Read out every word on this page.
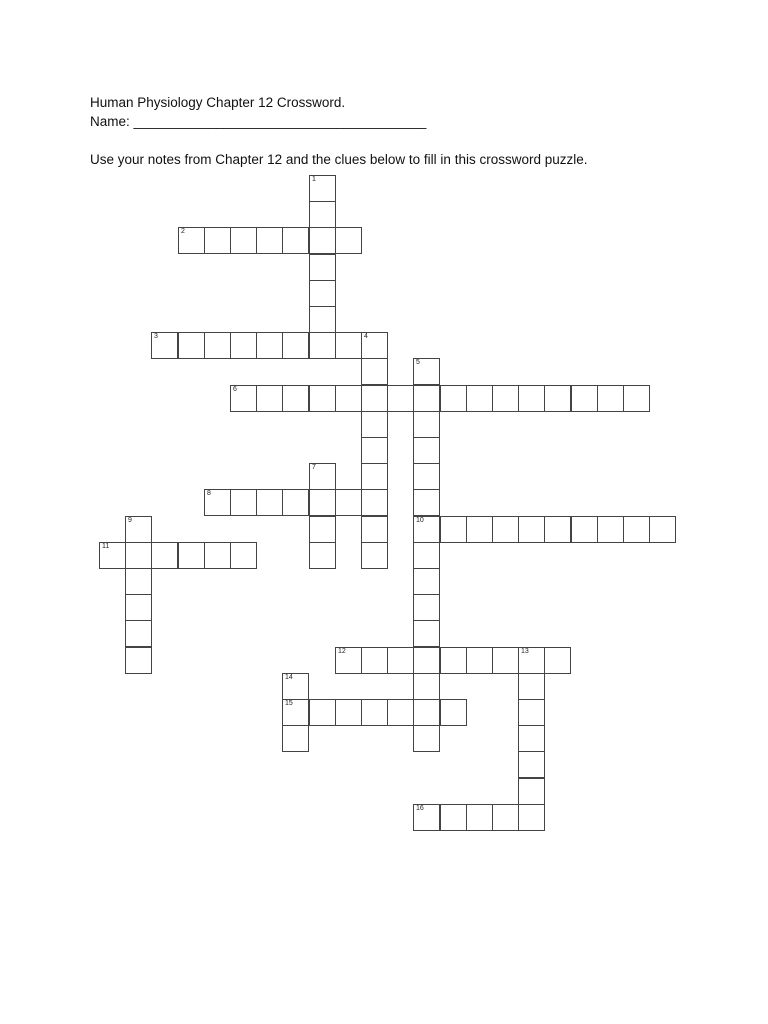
Human Physiology Chapter 12 Crossword.
Name: _______________________________________
Use your notes from Chapter 12 and the clues below to fill in this crossword puzzle.
1
2
3	4
5
10
6
7
8
9
11
12	13
14
15
16
